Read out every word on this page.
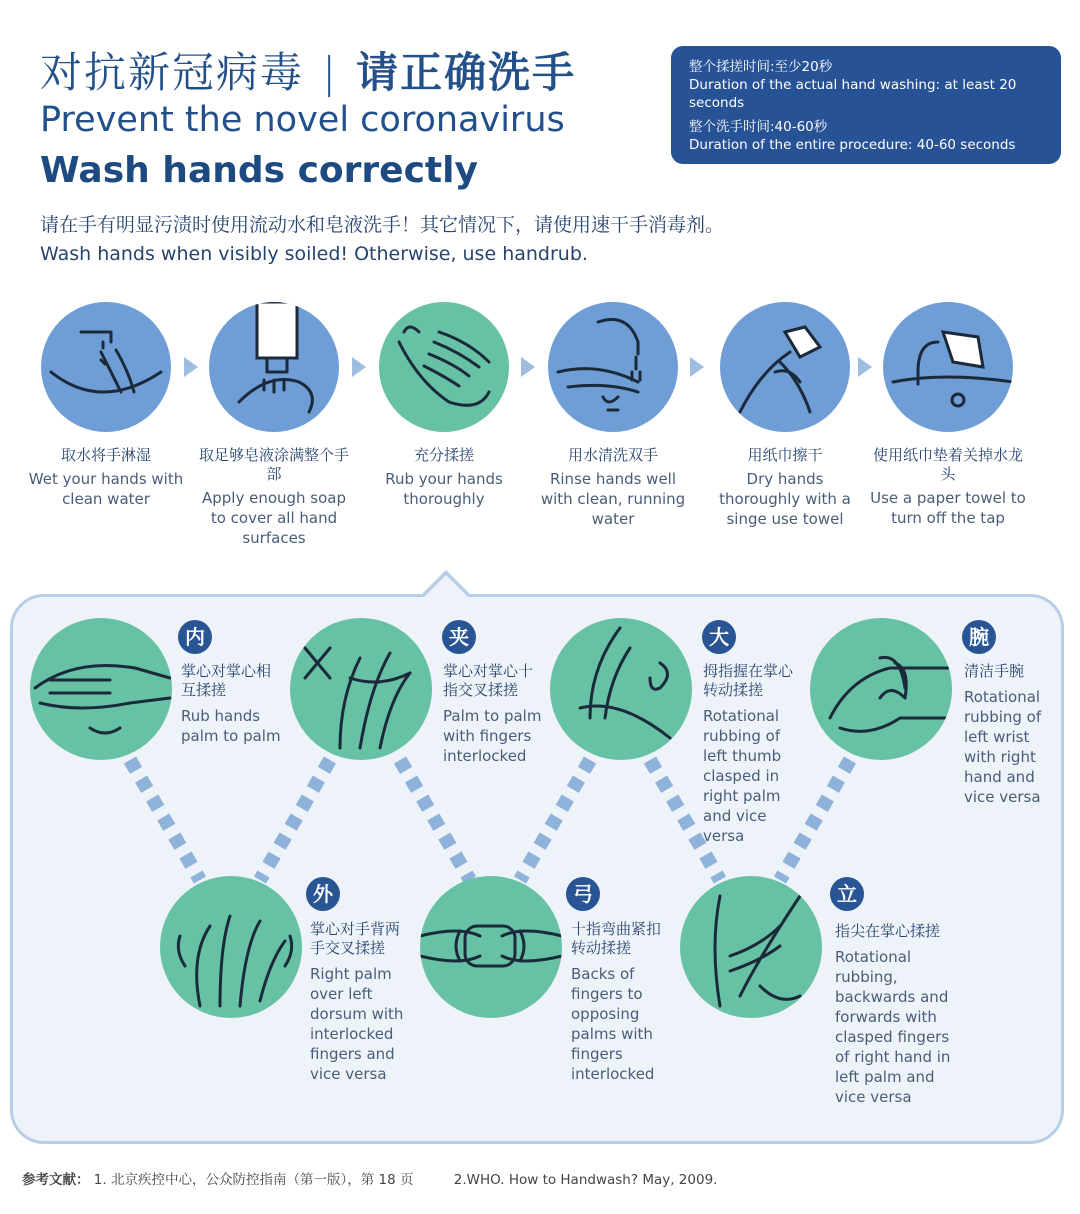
对抗新冠病毒 | 请正确洗手
Prevent the novel coronavirus
Wash hands correctly
请在手有明显污渍时使用流动水和皂液洗手！其它情况下，请使用速干手消毒剂。
Wash hands when visibly soiled! Otherwise, use handrub.
整个揉搓时间:至少20秒
Duration of the actual hand washing: at least 20 seconds
整个洗手时间:40-60秒
Duration of the entire procedure: 40-60 seconds
取水将手淋湿
Wet your hands with clean water
取足够皂液涂满整个手部
Apply enough soap to cover all hand surfaces
充分揉搓
Rub your hands thoroughly
用水清洗双手
Rinse hands well with clean, running water
用纸巾擦干
Dry hands thoroughly with a singe use towel
使用纸巾垫着关掉水龙头
Use a paper towel to turn off the tap
内
掌心对掌心相互揉搓
Rub hands palm to palm
外
掌心对手背两手交叉揉搓
Right palm over left dorsum with interlocked fingers and vice versa
夹
掌心对掌心十指交叉揉搓
Palm to palm with fingers interlocked
弓
十指弯曲紧扣转动揉搓
Backs of fingers to opposing palms with fingers interlocked
大
拇指握在掌心转动揉搓
Rotational rubbing of left thumb clasped in right palm and vice versa
立
指尖在掌心揉搓
Rotational rubbing, backwards and forwards with clasped fingers of right hand in left palm and vice versa
腕
清洁手腕
Rotational rubbing of left wrist with right hand and vice versa
参考文献： 1. 北京疾控中心，公众防控指南（第一版），第 18 页	2.WHO. How to Handwash? May, 2009.
